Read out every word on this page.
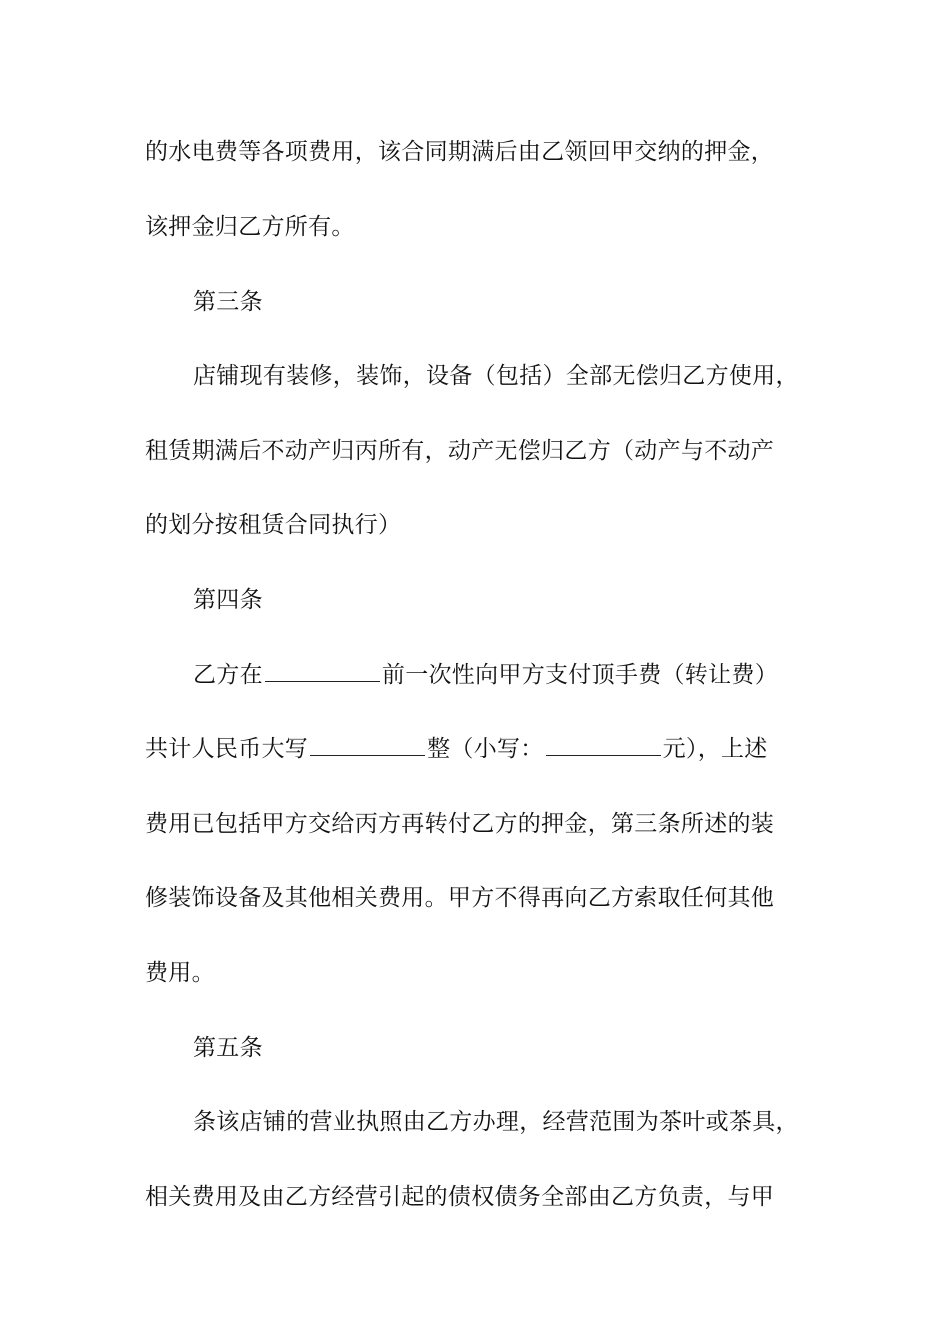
的水电费等各项费用，该合同期满后由乙领回甲交纳的押金，
该押金归乙方所有。
第三条
店铺现有装修，装饰，设备（包括）全部无偿归乙方使用，
租赁期满后不动产归丙所有，动产无偿归乙方（动产与不动产
的划分按租赁合同执行）
第四条
乙方在	前一次性向甲方支付顶手费（转让费）
共计人民币大写	整（小写：	元），上述
费用已包括甲方交给丙方再转付乙方的押金，第三条所述的装
修装饰设备及其他相关费用。甲方不得再向乙方索取任何其他
费用。
第五条
条该店铺的营业执照由乙方办理，经营范围为茶叶或茶具，
相关费用及由乙方经营引起的债权债务全部由乙方负责，与甲
